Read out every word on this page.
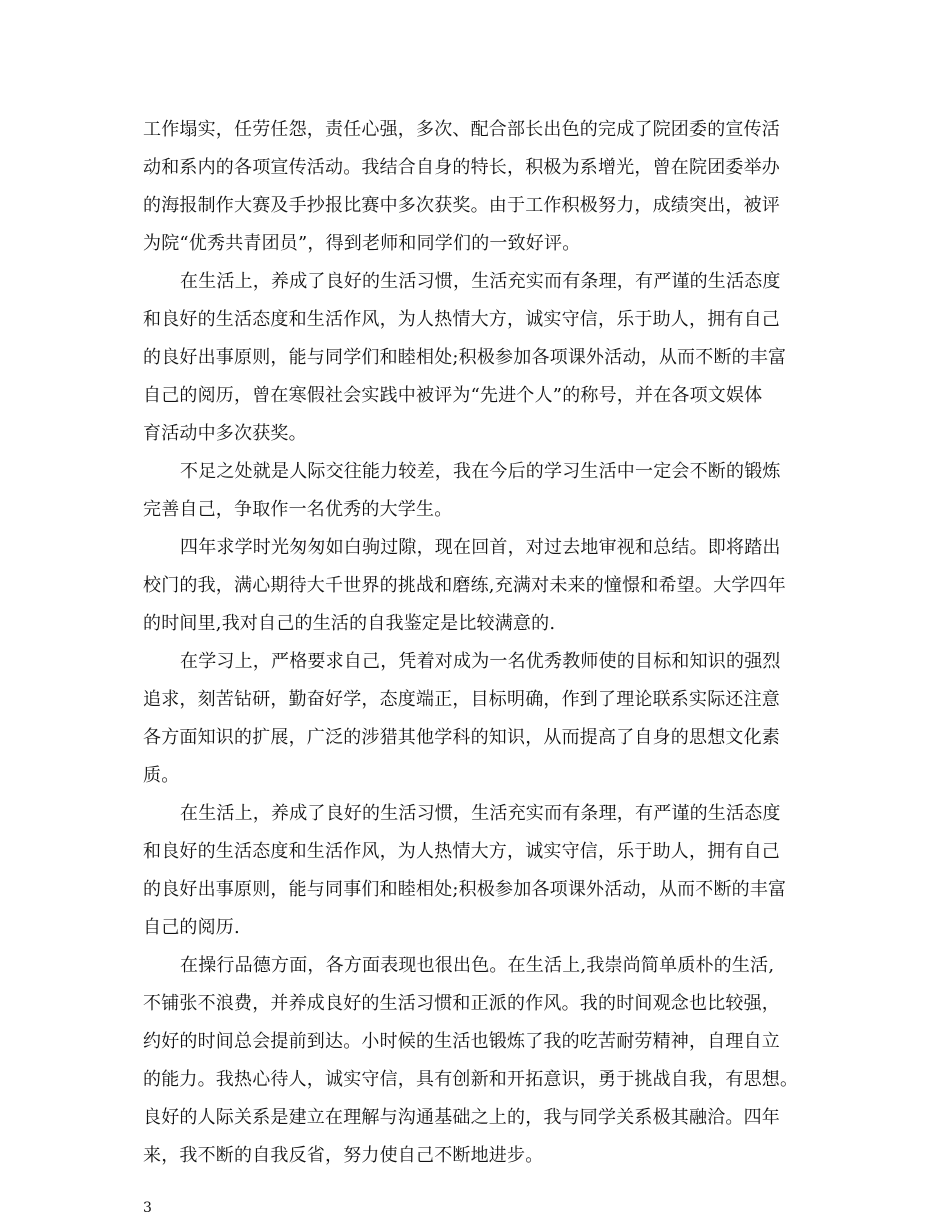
工作塌实，任劳任怨，责任心强，多次、配合部长出色的完成了院团委的宣传活
动和系内的各项宣传活动。我结合自身的特长，积极为系增光，曾在院团委举办
的海报制作大赛及手抄报比赛中多次获奖。由于工作积极努力，成绩突出，被评
为院“优秀共青团员”，得到老师和同学们的一致好评。
在生活上，养成了良好的生活习惯，生活充实而有条理，有严谨的生活态度
和良好的生活态度和生活作风，为人热情大方，诚实守信，乐于助人，拥有自己
的良好出事原则，能与同学们和睦相处;积极参加各项课外活动，从而不断的丰富
自己的阅历，曾在寒假社会实践中被评为“先进个人”的称号，并在各项文娱体
育活动中多次获奖。
不足之处就是人际交往能力较差，我在今后的学习生活中一定会不断的锻炼
完善自己，争取作一名优秀的大学生。
四年求学时光匆匆如白驹过隙，现在回首，对过去地审视和总结。即将踏出
校门的我，满心期待大千世界的挑战和磨练,充满对未来的憧憬和希望。大学四年
的时间里,我对自己的生活的自我鉴定是比较满意的.
在学习上，严格要求自己，凭着对成为一名优秀教师使的目标和知识的强烈
追求，刻苦钻研，勤奋好学，态度端正，目标明确，作到了理论联系实际还注意
各方面知识的扩展，广泛的涉猎其他学科的知识，从而提高了自身的思想文化素
质。
在生活上，养成了良好的生活习惯，生活充实而有条理，有严谨的生活态度
和良好的生活态度和生活作风，为人热情大方，诚实守信，乐于助人，拥有自己
的良好出事原则，能与同事们和睦相处;积极参加各项课外活动，从而不断的丰富
自己的阅历.
在操行品德方面，各方面表现也很出色。在生活上,我崇尚简单质朴的生活,
不铺张不浪费，并养成良好的生活习惯和正派的作风。我的时间观念也比较强，
约好的时间总会提前到达。小时候的生活也锻炼了我的吃苦耐劳精神，自理自立
的能力。我热心待人，诚实守信，具有创新和开拓意识，勇于挑战自我，有思想。
良好的人际关系是建立在理解与沟通基础之上的，我与同学关系极其融洽。四年
来，我不断的自我反省，努力使自己不断地进步。
3
